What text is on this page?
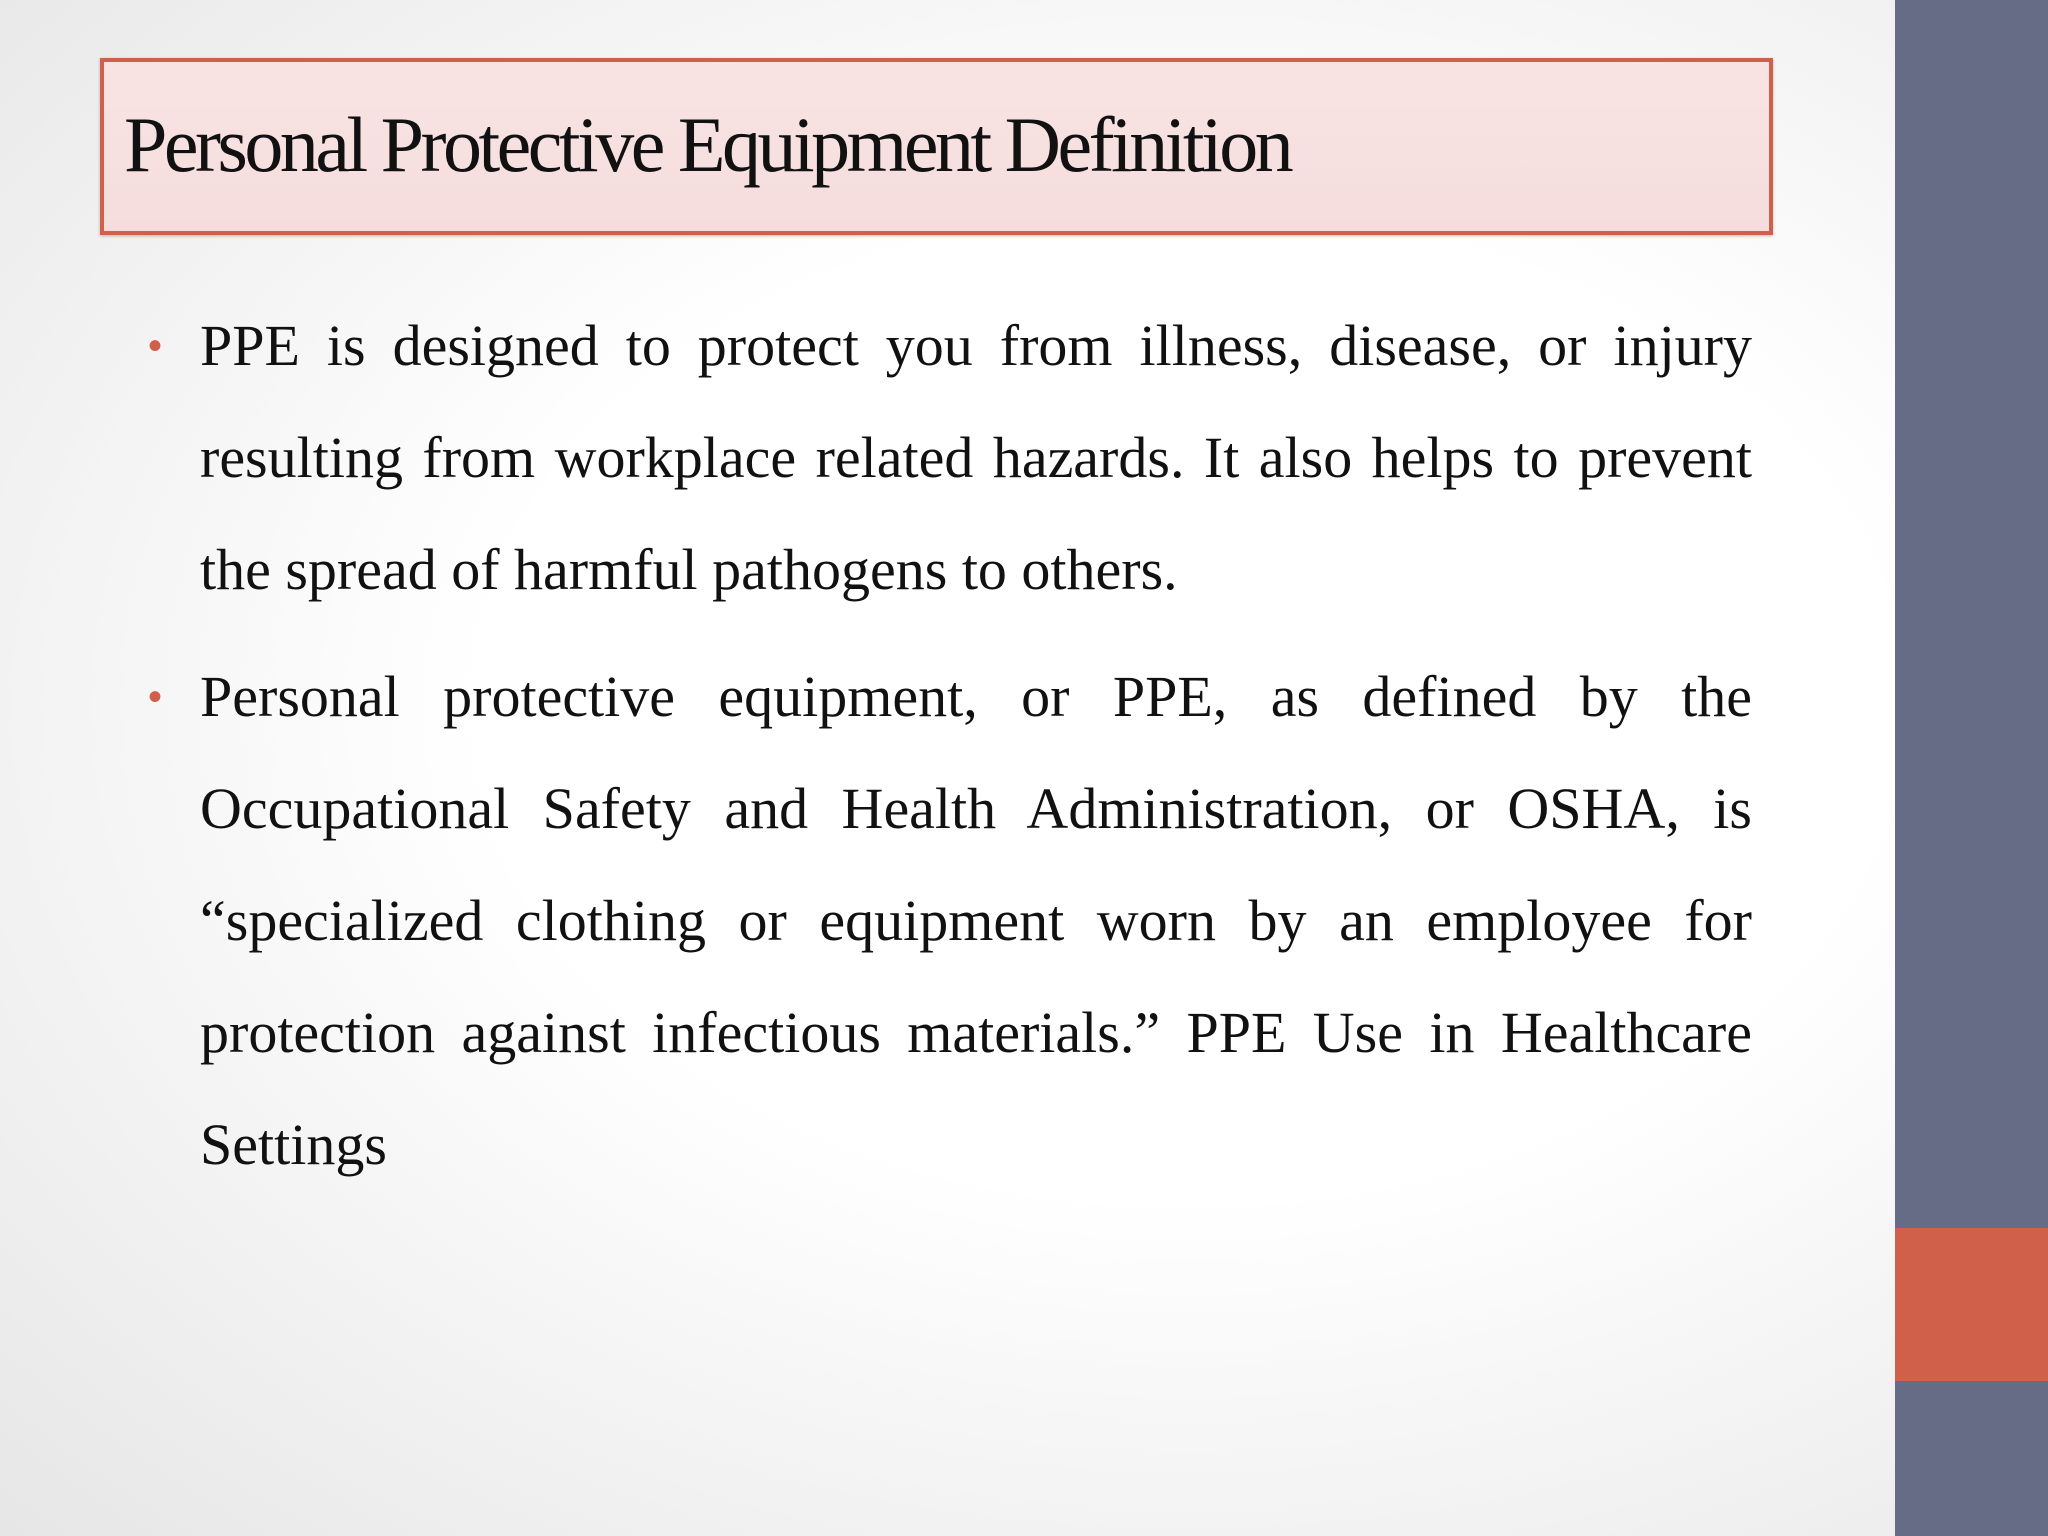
Personal Protective Equipment Definition
• PPE is designed to protect you from illness, disease, or injury resulting from workplace related hazards. It also helps to prevent the spread of harmful pathogens to others.
• Personal protective equipment, or PPE, as defined by the Occupational Safety and Health Administration, or OSHA, is “specialized clothing or equipment worn by an employee for protection against infectious materials.” PPE Use in Healthcare Settings
